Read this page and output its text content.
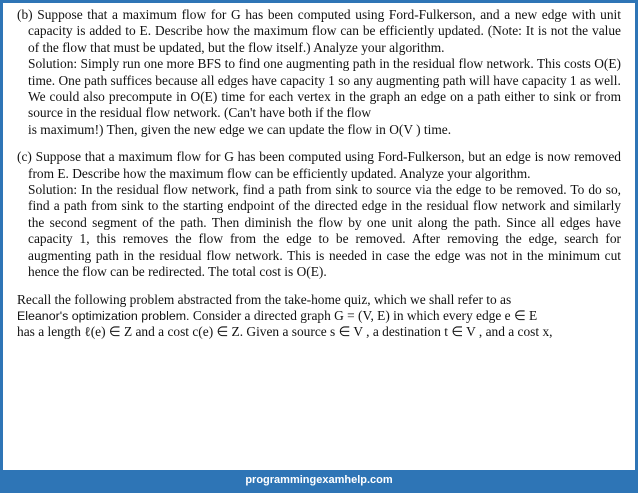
(b) Suppose that a maximum flow for G has been computed using Ford-Fulkerson, and a new edge with unit capacity is added to E. Describe how the maximum flow can be efficiently updated. (Note: It is not the value of the flow that must be updated, but the flow itself.) Analyze your algorithm.

Solution: Simply run one more BFS to find one augmenting path in the residual flow network. This costs O(E) time. One path suffices because all edges have capacity 1 so any augmenting path will have capacity 1 as well.

We could also precompute in O(E) time for each vertex in the graph an edge on a path either to sink or from source in the residual flow network. (Can't have both if the flow

is maximum!) Then, given the new edge we can update the flow in O(V ) time.

(c) Suppose that a maximum flow for G has been computed using Ford-Fulkerson, but an edge is now removed from E. Describe how the maximum flow can be efficiently updated. Analyze your algorithm.

Solution: In the residual flow network, find a path from sink to source via the edge to be removed. To do so, find a path from sink to the starting endpoint of the directed edge in the residual flow network and similarly the second segment of the path. Then diminish the flow by one unit along the path. Since all edges have capacity 1, this removes the flow from the edge to be removed. After removing the edge, search for augmenting path in the residual flow network. This is needed in case the edge was not in the minimum cut hence the flow can be redirected. The total cost is O(E).

Recall the following problem abstracted from the take-home quiz, which we shall refer to as

Eleanor's optimization problem. Consider a directed graph G = (V, E) in which every edge e ∈ E

has a length ℓ(e) ∈ Z and a cost c(e) ∈ Z. Given a source s ∈ V , a destination t ∈ V , and a cost x,

programmingexamhelp.com
